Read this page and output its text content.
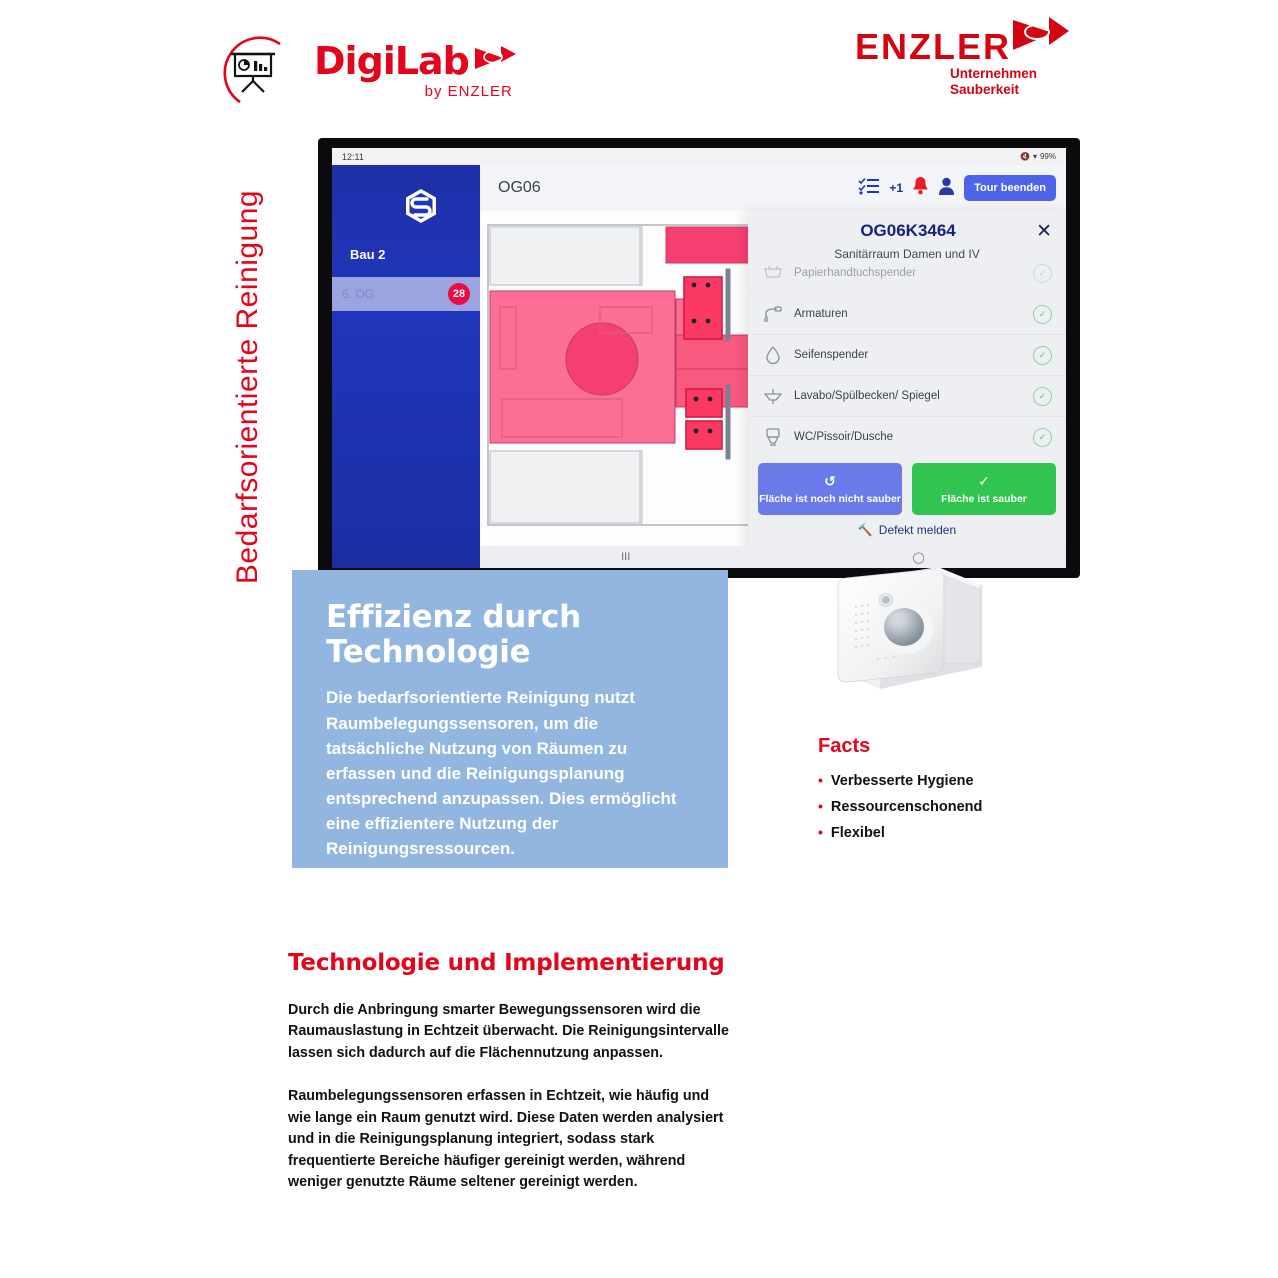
DigiLab
by ENZLER
ENZLER
Unternehmen
Sauberkeit
Bedarfsorientierte Reinigung
12:11	🔇 ▾ 99%
Bau 2
6. OG	28
OG06	+1	Tour beenden
OG06K3464	✕
Sanitärraum Damen und IV
Papierhandtuchspender	✓
Armaturen	✓
Seifenspender	✓
Lavabo/Spülbecken/ Spiegel	✓
WC/Pissoir/Dusche	✓
↺
Fläche ist noch nicht sauber
✓
Fläche ist sauber
🔨 Defekt melden
III	◯
Effizienz durch
Technologie

Die bedarfsorientierte Reinigung nutzt Raumbelegungssensoren, um die tatsächliche Nutzung von Räumen zu erfassen und die Reinigungsplanung entsprechend anzupassen. Dies ermöglicht eine effizientere Nutzung der Reinigungsressourcen.

Facts
• Verbesserte Hygiene
• Ressourcenschonend
• Flexibel
Technologie und Implementierung

Durch die Anbringung smarter Bewegungssensoren wird die Raumauslastung in Echtzeit überwacht. Die Reinigungsintervalle lassen sich dadurch auf die Flächennutzung anpassen.

Raumbelegungssensoren erfassen in Echtzeit, wie häufig und wie lange ein Raum genutzt wird. Diese Daten werden analysiert und in die Reinigungsplanung integriert, sodass stark frequentierte Bereiche häufiger gereinigt werden, während weniger genutzte Räume seltener gereinigt werden.
